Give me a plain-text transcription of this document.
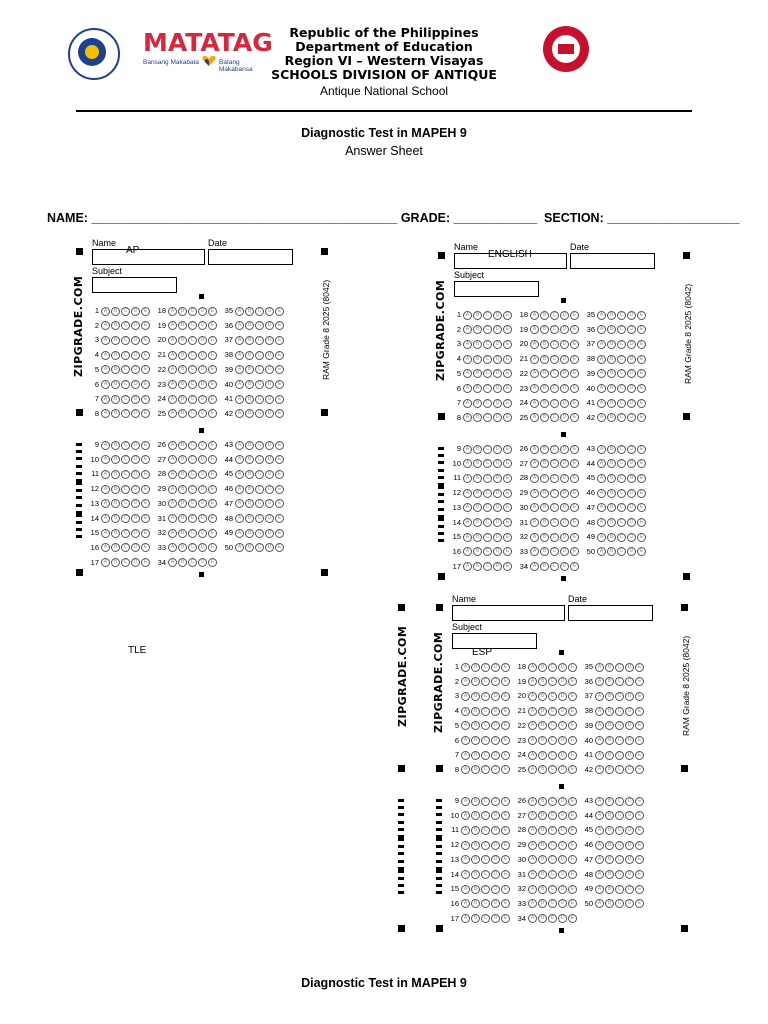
MATATAG
Bansang Makabata	Batang Makabansa
Republic of the Philippines
Department of Education
Region VI – Western Visayas
SCHOOLS DIVISION OF ANTIQUE
Antique National School
Diagnostic Test in MAPEH 9
Answer Sheet

NAME: ____________________________________________ GRADE: ____________ SECTION: ___________________

Name	Date
AP
Subject
ZIPGRADE.COM	RAM Grade 8 2025 (8042)
1 A B C D E 18 A B C D E 35 A B C D E
2 A B C D E 19 A B C D E 36 A B C D E
3 A B C D E 20 A B C D E 37 A B C D E
4 A B C D E 21 A B C D E 38 A B C D E
5 A B C D E 22 A B C D E 39 A B C D E
6 A B C D E 23 A B C D E 40 A B C D E
7 A B C D E 24 A B C D E 41 A B C D E
8 A B C D E 25 A B C D E 42 A B C D E
9 A B C D E 26 A B C D E 43 A B C D E
10 A B C D E 27 A B C D E 44 A B C D E
11 A B C D E 28 A B C D E 45 A B C D E
12 A B C D E 29 A B C D E 46 A B C D E
13 A B C D E 30 A B C D E 47 A B C D E
14 A B C D E 31 A B C D E 48 A B C D E
15 A B C D E 32 A B C D E 49 A B C D E
16 A B C D E 33 A B C D E 50 A B C D E
17 A B C D E 34 A B C D E
Name	Date
ENGLISH
Subject
ZIPGRADE.COM	RAM Grade 8 2025 (8042)
1 A B C D E 18 A B C D E 35 A B C D E
2 A B C D E 19 A B C D E 36 A B C D E
3 A B C D E 20 A B C D E 37 A B C D E
4 A B C D E 21 A B C D E 38 A B C D E
5 A B C D E 22 A B C D E 39 A B C D E
6 A B C D E 23 A B C D E 40 A B C D E
7 A B C D E 24 A B C D E 41 A B C D E
8 A B C D E 25 A B C D E 42 A B C D E
9 A B C D E 26 A B C D E 43 A B C D E
10 A B C D E 27 A B C D E 44 A B C D E
11 A B C D E 28 A B C D E 45 A B C D E
12 A B C D E 29 A B C D E 46 A B C D E
13 A B C D E 30 A B C D E 47 A B C D E
14 A B C D E 31 A B C D E 48 A B C D E
15 A B C D E 32 A B C D E 49 A B C D E
16 A B C D E 33 A B C D E 50 A B C D E
17 A B C D E 34 A B C D E
Name	Date
ESP
Subject
ZIPGRADE.COM	RAM Grade 8 2025 (8042)
1 A B C D E 18 A B C D E 35 A B C D E
2 A B C D E 19 A B C D E 36 A B C D E
3 A B C D E 20 A B C D E 37 A B C D E
4 A B C D E 21 A B C D E 38 A B C D E
5 A B C D E 22 A B C D E 39 A B C D E
6 A B C D E 23 A B C D E 40 A B C D E
7 A B C D E 24 A B C D E 41 A B C D E
8 A B C D E 25 A B C D E 42 A B C D E
9 A B C D E 26 A B C D E 43 A B C D E
10 A B C D E 27 A B C D E 44 A B C D E
11 A B C D E 28 A B C D E 45 A B C D E
12 A B C D E 29 A B C D E 46 A B C D E
13 A B C D E 30 A B C D E 47 A B C D E
14 A B C D E 31 A B C D E 48 A B C D E
15 A B C D E 32 A B C D E 49 A B C D E
16 A B C D E 33 A B C D E 50 A B C D E
17 A B C D E 34 A B C D E
ZIPGRADE.COM
TLE
Diagnostic Test in MAPEH 9
